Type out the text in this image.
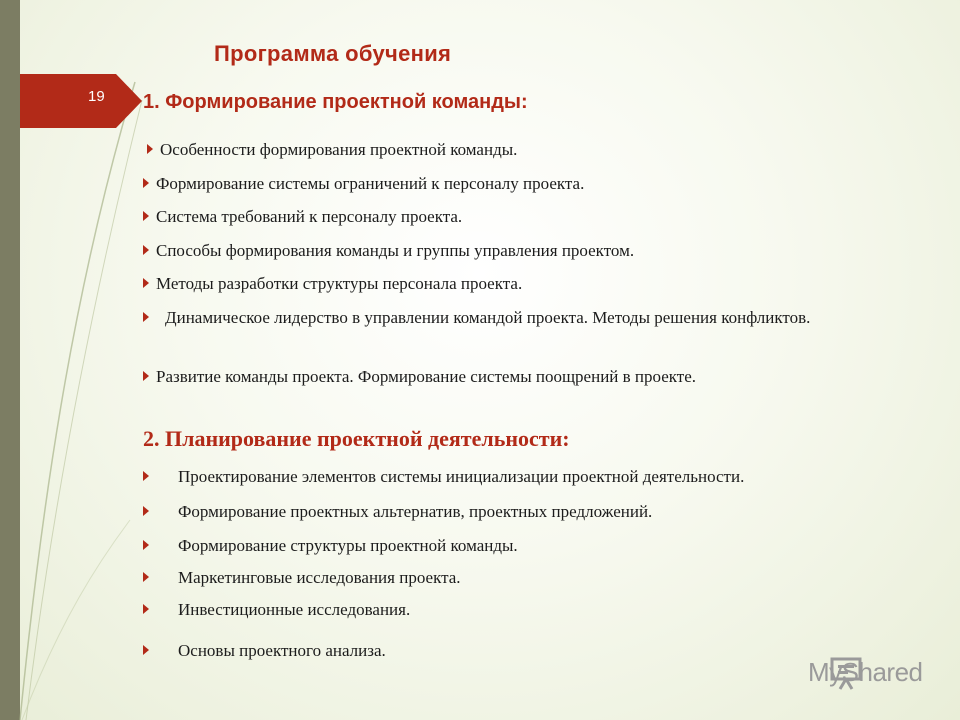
19
Программа обучения
1. Формирование проектной команды:
Особенности формирования проектной команды.
Формирование системы ограничений к персоналу проекта.
Система требований к персоналу проекта.
Способы формирования команды и группы управления проектом.
Методы разработки структуры персонала проекта.
Динамическое лидерство в управлении командой проекта. Методы решения конфликтов.
Развитие команды проекта. Формирование системы поощрений в проекте.
2. Планирование проектной деятельности:
Проектирование элементов системы инициализации проектной деятельности.
Формирование проектных альтернатив, проектных предложений.
Формирование структуры проектной команды.
Маркетинговые исследования проекта.
Инвестиционные исследования.
Основы проектного анализа.
MyShared
